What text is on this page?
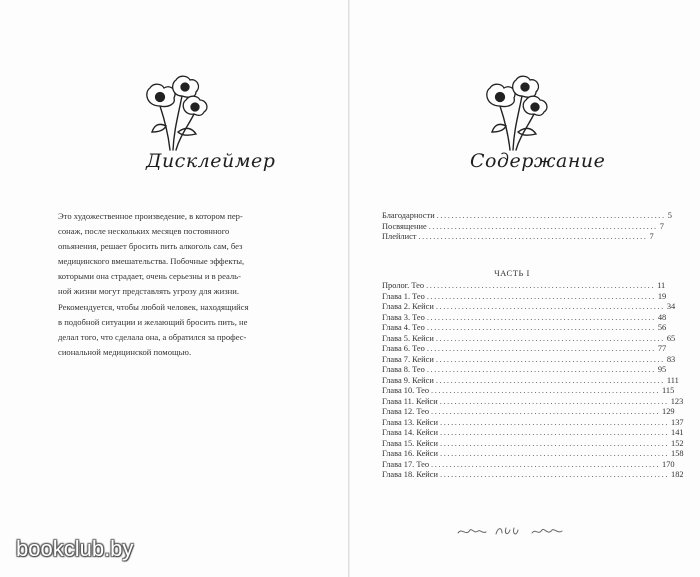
Дисклеймер
Это художественное произведение, в котором пер-
сонаж, после нескольких месяцев постоянного
опьянения, решает бросить пить алкоголь сам, без
медицинского вмешательства. Побочные эффекты,
которыми она страдает, очень серьезны и в реаль-
ной жизни могут представлять угрозу для жизни.
Рекомендуется, чтобы любой человек, находящийся
в подобной ситуации и желающий бросить пить, не
делал того, что сделала она, а обратился за профес-
сиональной медицинской помощью.
bookclub.by
Содержание
Благодарности .............................................................. 5
Посвящение .............................................................. 7
Плейлист .............................................................. 7
ЧАСТЬ I
Пролог. Тео .............................................................. 11
Глава 1. Тео .............................................................. 19
Глава 2. Кейси .............................................................. 34
Глава 3. Тео .............................................................. 48
Глава 4. Тео .............................................................. 56
Глава 5. Кейси .............................................................. 65
Глава 6. Тео .............................................................. 77
Глава 7. Кейси .............................................................. 83
Глава 8. Тео .............................................................. 95
Глава 9. Кейси .............................................................. 111
Глава 10. Тео .............................................................. 115
Глава 11. Кейси .............................................................. 123
Глава 12. Тео .............................................................. 129
Глава 13. Кейси .............................................................. 137
Глава 14. Кейси .............................................................. 141
Глава 15. Кейси .............................................................. 152
Глава 16. Кейси .............................................................. 158
Глава 17. Тео .............................................................. 170
Глава 18. Кейси .............................................................. 182
